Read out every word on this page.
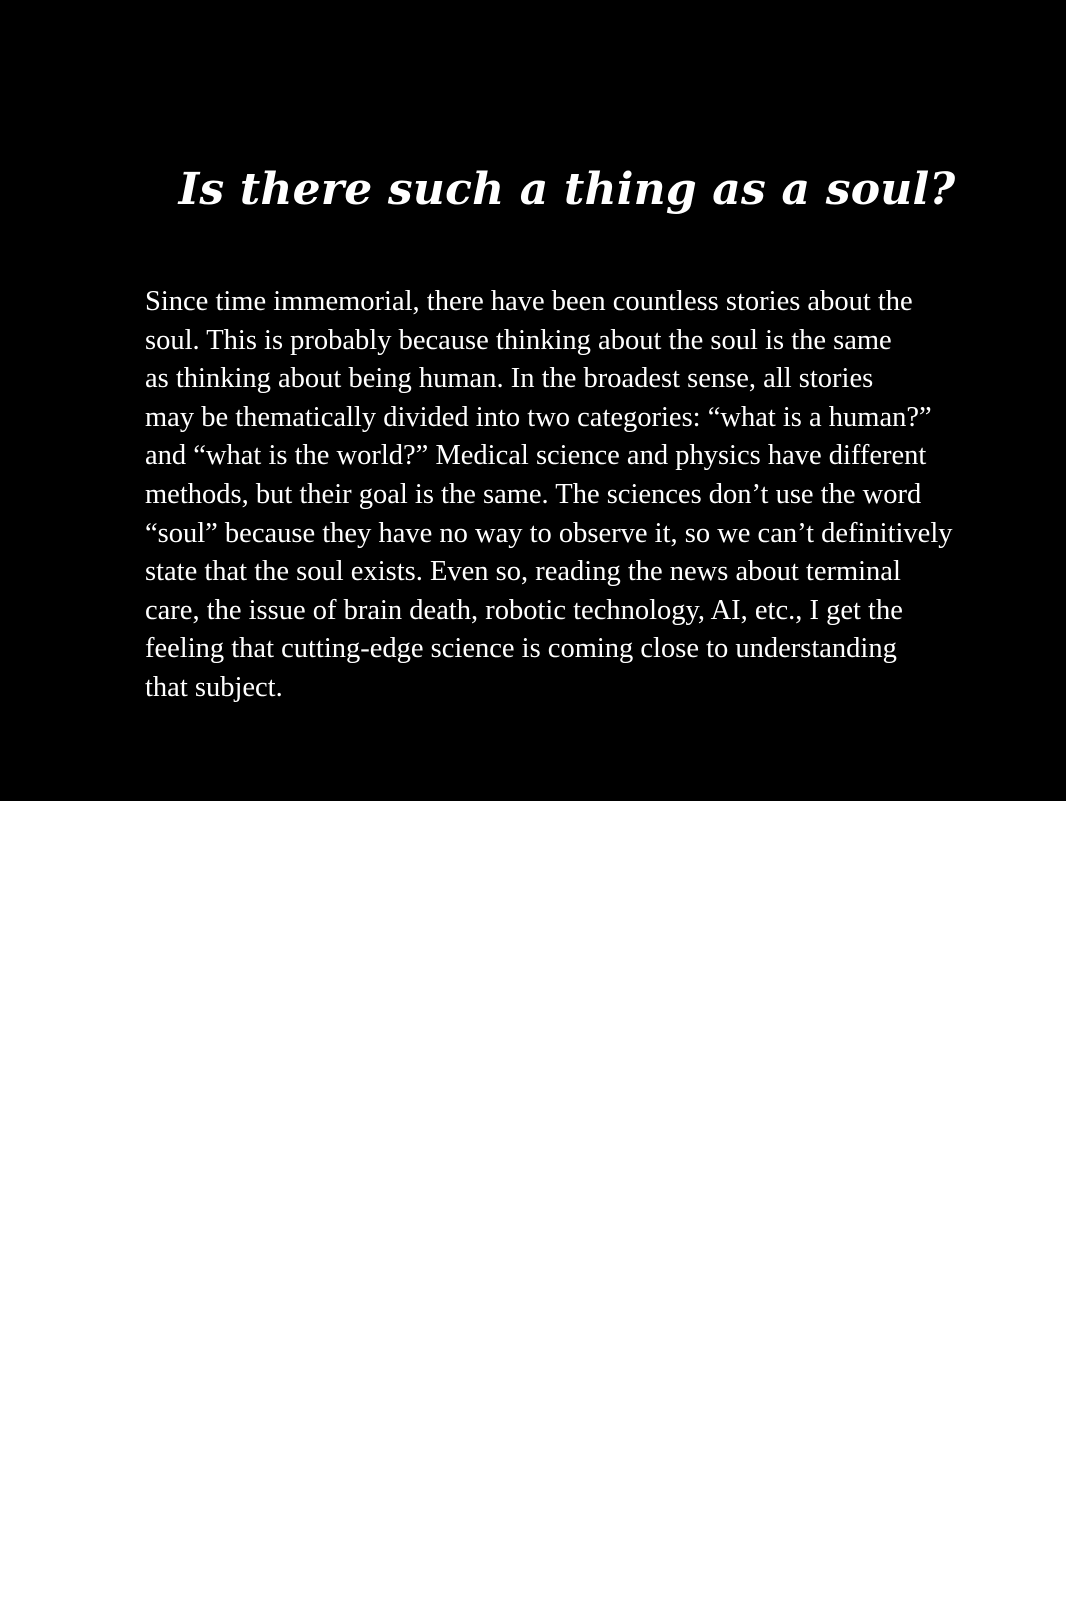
Is there such a thing as a soul?
Since time immemorial, there have been countless stories about the
soul. This is probably because thinking about the soul is the same
as thinking about being human. In the broadest sense, all stories
may be thematically divided into two categories: “what is a human?”
and “what is the world?” Medical science and physics have different
methods, but their goal is the same. The sciences don’t use the word
“soul” because they have no way to observe it, so we can’t definitively
state that the soul exists. Even so, reading the news about terminal
care, the issue of brain death, robotic technology, AI, etc., I get the
feeling that cutting-edge science is coming close to understanding
that subject.
